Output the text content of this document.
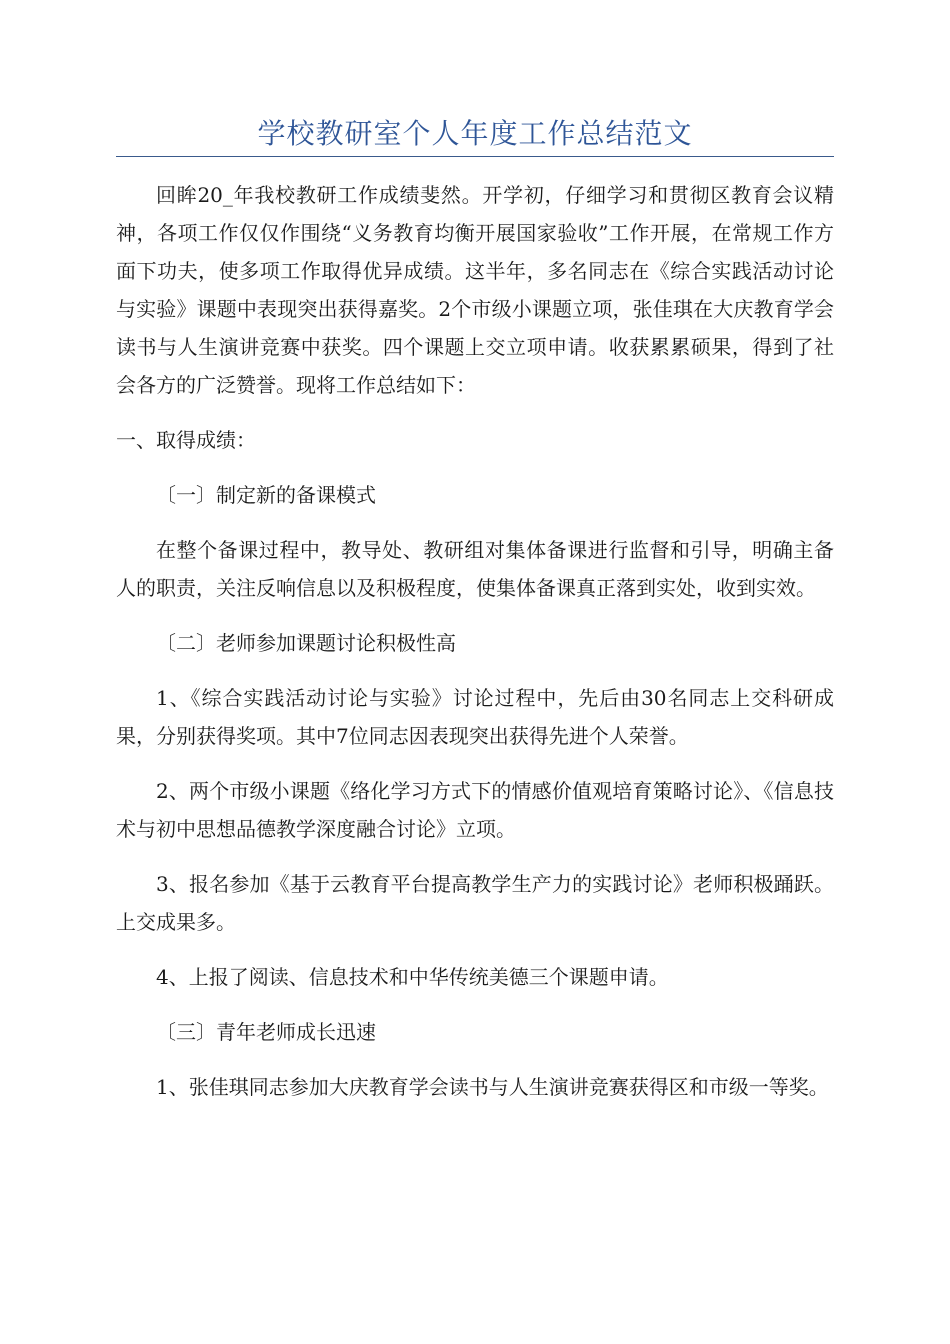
学校教研室个人年度工作总结范文

回眸20_年我校教研工作成绩斐然。开学初，仔细学习和贯彻区教育会议精神，各项工作仅仅作围绕“义务教育均衡开展国家验收”工作开展，在常规工作方面下功夫，使多项工作取得优异成绩。这半年，多名同志在《综合实践活动讨论与实验》课题中表现突出获得嘉奖。2个市级小课题立项，张佳琪在大庆教育学会读书与人生演讲竞赛中获奖。四个课题上交立项申请。收获累累硕果，得到了社会各方的广泛赞誉。现将工作总结如下：

一、取得成绩：

〔一〕制定新的备课模式

在整个备课过程中，教导处、教研组对集体备课进行监督和引导，明确主备人的职责，关注反响信息以及积极程度，使集体备课真正落到实处，收到实效。

〔二〕老师参加课题讨论积极性高

1、《综合实践活动讨论与实验》讨论过程中，先后由30名同志上交科研成果，分别获得奖项。其中7位同志因表现突出获得先进个人荣誉。

2、两个市级小课题《络化学习方式下的情感价值观培育策略讨论》、《信息技术与初中思想品德教学深度融合讨论》立项。

3、报名参加《基于云教育平台提高教学生产力的实践讨论》老师积极踊跃。上交成果多。

4、上报了阅读、信息技术和中华传统美德三个课题申请。

〔三〕青年老师成长迅速

1、张佳琪同志参加大庆教育学会读书与人生演讲竞赛获得区和市级一等奖。
